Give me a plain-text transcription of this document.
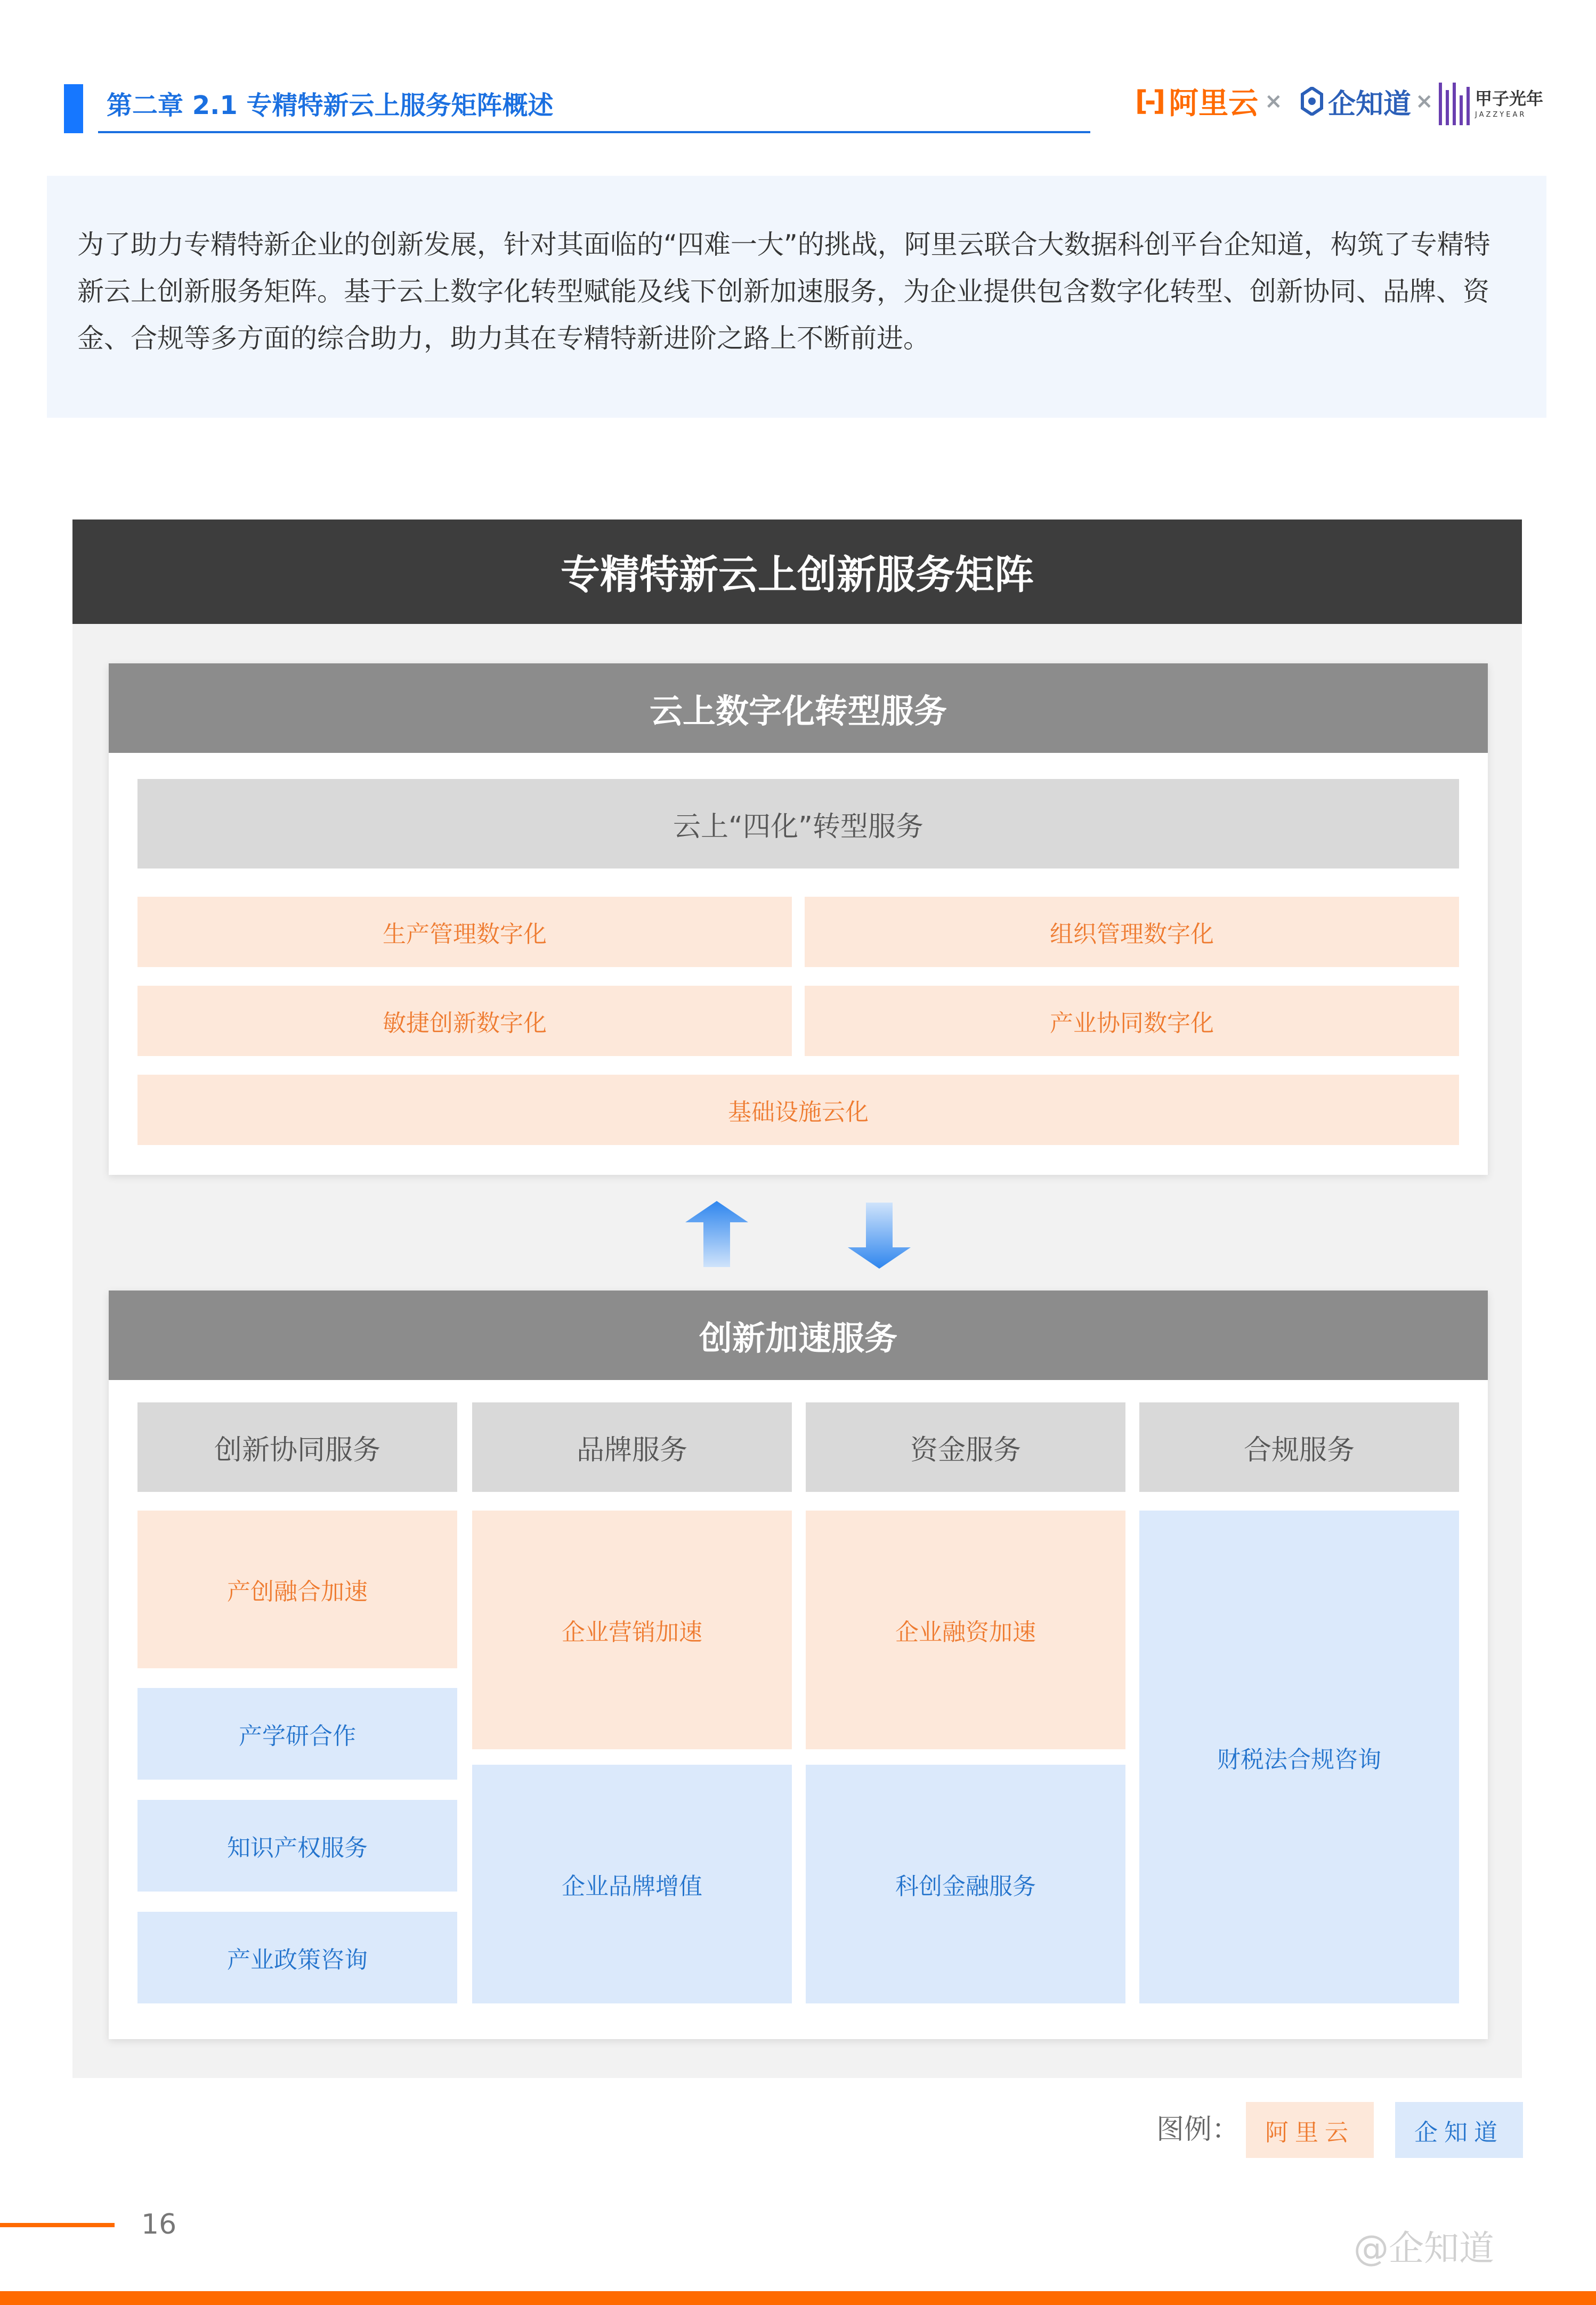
第二章 2.1 专精特新云上服务矩阵概述	[-] 阿里云 × 企知道 × 甲子光年
JAZZYEAR
为了助力专精特新企业的创新发展，针对其面临的“四难一大”的挑战，阿里云联合大数据科创平台企知道，构筑了专精特新云上创新服务矩阵。基于云上数字化转型赋能及线下创新加速服务，为企业提供包含数字化转型、创新协同、品牌、资金、合规等多方面的综合助力，助力其在专精特新进阶之路上不断前进。
专精特新云上创新服务矩阵
云上数字化转型服务
云上“四化”转型服务
生产管理数字化	组织管理数字化
敏捷创新数字化	产业协同数字化
基础设施云化
创新加速服务
创新协同服务	品牌服务	资金服务	合规服务
产创融合加速
产学研合作
知识产权服务
产业政策咨询
企业营销加速
企业品牌增值
企业融资加速
科创金融服务
财税法合规咨询
图例：	阿里云	企知道
16
@企知道
